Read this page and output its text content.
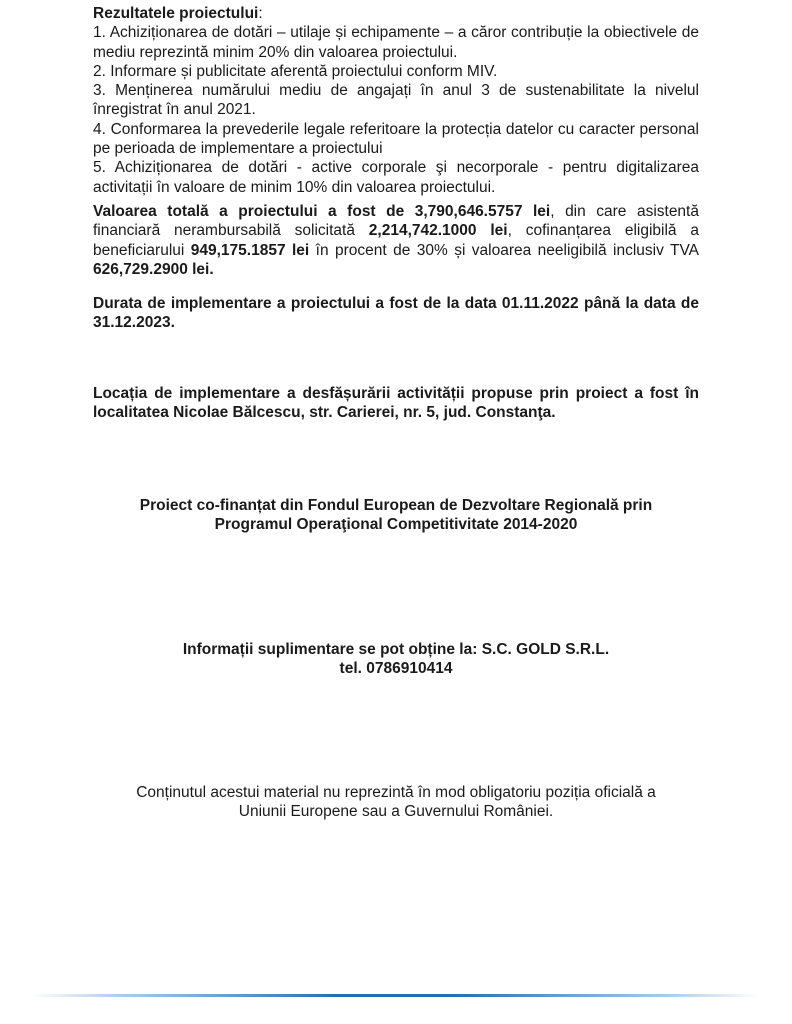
Rezultatele proiectului:
1. Achiziționarea de dotări – utilaje și echipamente – a căror contribuție la obiectivele de mediu reprezintă minim 20% din valoarea proiectului.
2. Informare și publicitate aferentă proiectului conform MIV.
3. Menținerea numărului mediu de angajați în anul 3 de sustenabilitate la nivelul înregistrat în anul 2021.
4. Conformarea la prevederile legale referitoare la protecția datelor cu caracter personal pe perioada de implementare a proiectului
5. Achiziționarea de dotări - active corporale şi necorporale - pentru digitalizarea activitații în valoare de minim 10% din valoarea proiectului.

Valoarea totală a proiectului a fost de 3,790,646.5757 lei, din care asistentă financiară nerambursabilă solicitată 2,214,742.1000 lei, cofinanțarea eligibilă a beneficiarului 949,175.1857 lei în procent de 30% și valoarea neeligibilă inclusiv TVA 626,729.2900 lei.

Durata de implementare a proiectului a fost de la data 01.11.2022 până la data de 31.12.2023.

Locația de implementare a desfășurării activității propuse prin proiect a fost în localitatea Nicolae Bălcescu, str. Carierei, nr. 5, jud. Constanţa.

Proiect co-finanțat din Fondul European de Dezvoltare Regională prin
Programul Operaţional Competitivitate 2014-2020
Informații suplimentare se pot obține la: S.C. GOLD S.R.L.
tel. 0786910414
Conținutul acestui material nu reprezintă în mod obligatoriu poziția oficială a
Uniunii Europene sau a Guvernului României.
